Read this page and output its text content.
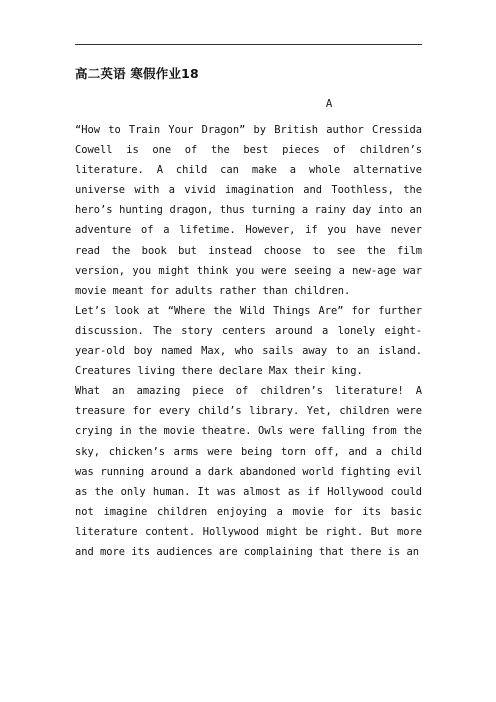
高二英语 寒假作业18
A

“How to Train Your Dragon” by British author Cressida Cowell is one of the best pieces of children’s literature. A child can make a whole alternative universe with a vivid imagination and Toothless, the hero’s hunting dragon, thus turning a rainy day into an adventure of a lifetime. However, if you have never read the book but instead choose to see the film version, you might think you were seeing a new-age war movie meant for adults rather than children.

Let’s look at “Where the Wild Things Are” for further discussion. The story centers around a lonely eight-year-old boy named Max, who sails away to an island. Creatures living there declare Max their king.

What an amazing piece of children’s literature! A treasure for every child’s library. Yet, children were crying in the movie theatre. Owls were falling from the sky, chicken’s arms were being torn off, and a child was running around a dark abandoned world fighting evil as the only human. It was almost as if Hollywood could not imagine children enjoying a movie for its basic literature content. Hollywood might be right. But more and more its audiences are complaining that there is an
